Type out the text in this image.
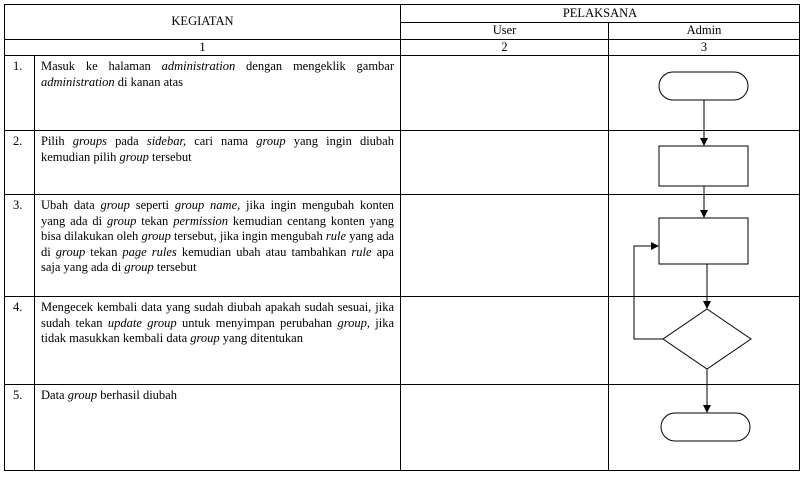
KEGIATAN		PELAKSANA	
		User	Admin
1		2	3
1.	Masuk ke halaman administration dengan mengeklik gambar administration di kanan atas		

2.	Pilih groups pada sidebar, cari nama group yang ingin diubah kemudian pilih group tersebut		

3.	Ubah data group seperti group name, jika ingin mengubah konten yang ada di group tekan permission kemudian centang konten yang bisa dilakukan oleh group tersebut, jika ingin mengubah rule yang ada di group tekan page rules kemudian ubah atau tambahkan rule apa saja yang ada di group tersebut		

4.	Mengecek kembali data yang sudah diubah apakah sudah sesuai, jika sudah tekan update group untuk menyimpan perubahan group, jika tidak masukkan kembali data group yang ditentukan		

5.	Data group berhasil diubah		
